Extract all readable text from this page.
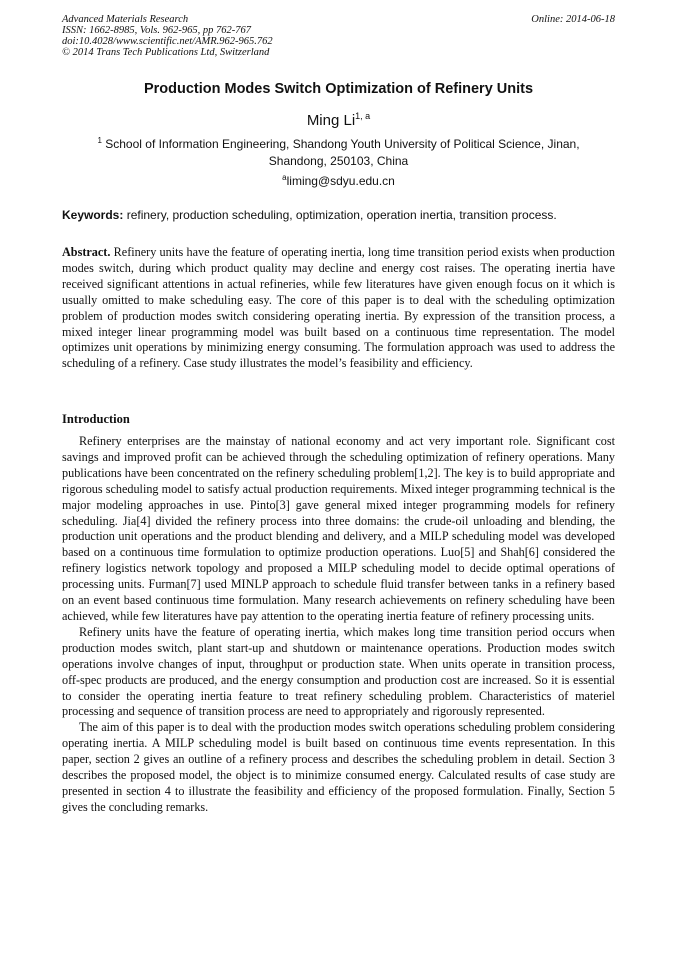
Advanced Materials Research
ISSN: 1662-8985, Vols. 962-965, pp 762-767
doi:10.4028/www.scientific.net/AMR.962-965.762
© 2014 Trans Tech Publications Ltd, Switzerland
Online: 2014-06-18
Production Modes Switch Optimization of Refinery Units
Ming Li$^{1, a}$
$^1$ School of Information Engineering, Shandong Youth University of Political Science, Jinan, Shandong, 250103, China
$^a$liming@sdyu.edu.cn
Keywords: refinery, production scheduling, optimization, operation inertia, transition process.
Abstract. Refinery units have the feature of operating inertia, long time transition period exists when production modes switch, during which product quality may decline and energy cost raises. The operating inertia have received significant attentions in actual refineries, while few literatures have given enough focus on it which is usually omitted to make scheduling easy. The core of this paper is to deal with the scheduling optimization problem of production modes switch considering operating inertia. By expression of the transition process, a mixed integer linear programming model was built based on a continuous time representation. The model optimizes unit operations by minimizing energy consuming. The formulation approach was used to address the scheduling of a refinery. Case study illustrates the model’s feasibility and efficiency.
Introduction

Refinery enterprises are the mainstay of national economy and act very important role. Significant cost savings and improved profit can be achieved through the scheduling optimization of refinery operations. Many publications have been concentrated on the refinery scheduling problem[1,2]. The key is to build appropriate and rigorous scheduling model to satisfy actual production requirements. Mixed integer programming technical is the major modeling approaches in use. Pinto[3] gave general mixed integer programming models for refinery scheduling. Jia[4] divided the refinery process into three domains: the crude-oil unloading and blending, the production unit operations and the product blending and delivery, and a MILP scheduling model was developed based on a continuous time formulation to optimize production operations. Luo[5] and Shah[6] considered the refinery logistics network topology and proposed a MILP scheduling model to decide optimal operations of processing units. Furman[7] used MINLP approach to schedule fluid transfer between tanks in a refinery based on an event based continuous time formulation. Many research achievements on refinery scheduling have been achieved, while few literatures have pay attention to the operating inertia feature of refinery processing units.

Refinery units have the feature of operating inertia, which makes long time transition period occurs when production modes switch, plant start-up and shutdown or maintenance operations. Production modes switch operations involve changes of input, throughput or production state. When units operate in transition process, off-spec products are produced, and the energy consumption and production cost are increased. So it is essential to consider the operating inertia feature to treat refinery scheduling problem. Characteristics of materiel processing and sequence of transition process are need to appropriately and rigorously represented.

The aim of this paper is to deal with the production modes switch operations scheduling problem considering operating inertia. A MILP scheduling model is built based on continuous time events representation. In this paper, section 2 gives an outline of a refinery process and describes the scheduling problem in detail. Section 3 describes the proposed model, the object is to minimize consumed energy. Calculated results of case study are presented in section 4 to illustrate the feasibility and efficiency of the proposed formulation. Finally, Section 5 gives the concluding remarks.
